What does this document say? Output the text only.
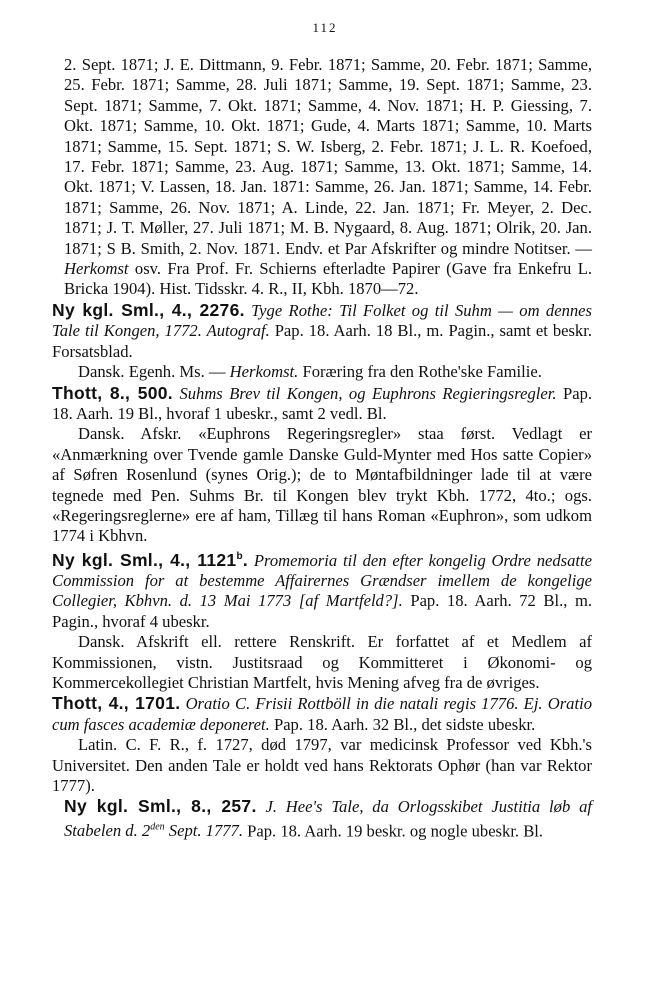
112

2. Sept. 1871; J. E. Dittmann, 9. Febr. 1871; Samme, 20. Febr. 1871; Samme, 25. Febr. 1871; Samme, 28. Juli 1871; Samme, 19. Sept. 1871; Samme, 23. Sept. 1871; Samme, 7. Okt. 1871; Samme, 4. Nov. 1871; H. P. Giessing, 7. Okt. 1871; Samme, 10. Okt. 1871; Gude, 4. Marts 1871; Samme, 10. Marts 1871; Samme, 15. Sept. 1871; S. W. Isberg, 2. Febr. 1871; J. L. R. Koefoed, 17. Febr. 1871; Samme, 23. Aug. 1871; Samme, 13. Okt. 1871; Samme, 14. Okt. 1871; V. Lassen, 18. Jan. 1871: Samme, 26. Jan. 1871; Samme, 14. Febr. 1871; Samme, 26. Nov. 1871; A. Linde, 22. Jan. 1871; Fr. Meyer, 2. Dec. 1871; J. T. Møller, 27. Juli 1871; M. B. Nygaard, 8. Aug. 1871; Olrik, 20. Jan. 1871; S B. Smith, 2. Nov. 1871. Endv. et Par Afskrifter og mindre Notitser. — Herkomst osv. Fra Prof. Fr. Schierns efterladte Papirer (Gave fra Enkefru L. Bricka 1904). Hist. Tidsskr. 4. R., II, Kbh. 1870—72.

Ny kgl. Sml., 4., 2276. Tyge Rothe: Til Folket og til Suhm — om dennes Tale til Kongen, 1772. Autograf. Pap. 18. Aarh. 18 Bl., m. Pagin., samt et beskr. Forsatsblad.

Dansk. Egenh. Ms. — Herkomst. Foræring fra den Rothe'ske Familie.

Thott, 8., 500. Suhms Brev til Kongen, og Euphrons Regieringsregler. Pap. 18. Aarh. 19 Bl., hvoraf 1 ubeskr., samt 2 vedl. Bl.

Dansk. Afskr. «Euphrons Regeringsregler» staa først. Vedlagt er «Anmærkning over Tvende gamle Danske Guld-Mynter med Hos satte Copier» af Søfren Rosenlund (synes Orig.); de to Møntafbildninger lade til at være tegnede med Pen. Suhms Br. til Kongen blev trykt Kbh. 1772, 4to.; ogs. «Regeringsreglerne» ere af ham, Tillæg til hans Roman «Euphron», som udkom 1774 i Kbhvn.

Ny kgl. Sml., 4., 1121$^b$. Promemoria til den efter kongelig Ordre nedsatte Commission for at bestemme Affairernes Grændser imellem de kongelige Collegier, Kbhvn. d. 13 Mai 1773 [af Martfeld?]. Pap. 18. Aarh. 72 Bl., m. Pagin., hvoraf 4 ubeskr.

Dansk. Afskrift ell. rettere Renskrift. Er forfattet af et Medlem af Kommissionen, vistn. Justitsraad og Kommitteret i Økonomi- og Kommercekollegiet Christian Martfelt, hvis Mening afveg fra de øvriges.

Thott, 4., 1701. Oratio C. Frisii Rottböll in die natali regis 1776. Ej. Oratio cum fasces academiæ deponeret. Pap. 18. Aarh. 32 Bl., det sidste ubeskr.

Latin. C. F. R., f. 1727, død 1797, var medicinsk Professor ved Kbh.'s Universitet. Den anden Tale er holdt ved hans Rektorats Ophør (han var Rektor 1777).

Ny kgl. Sml., 8., 257. J. Hee's Tale, da Orlogsskibet Justitia løb af Stabelen d. $2^{den}$ Sept. 1777. Pap. 18. Aarh. 19 beskr. og nogle ubeskr. Bl.
